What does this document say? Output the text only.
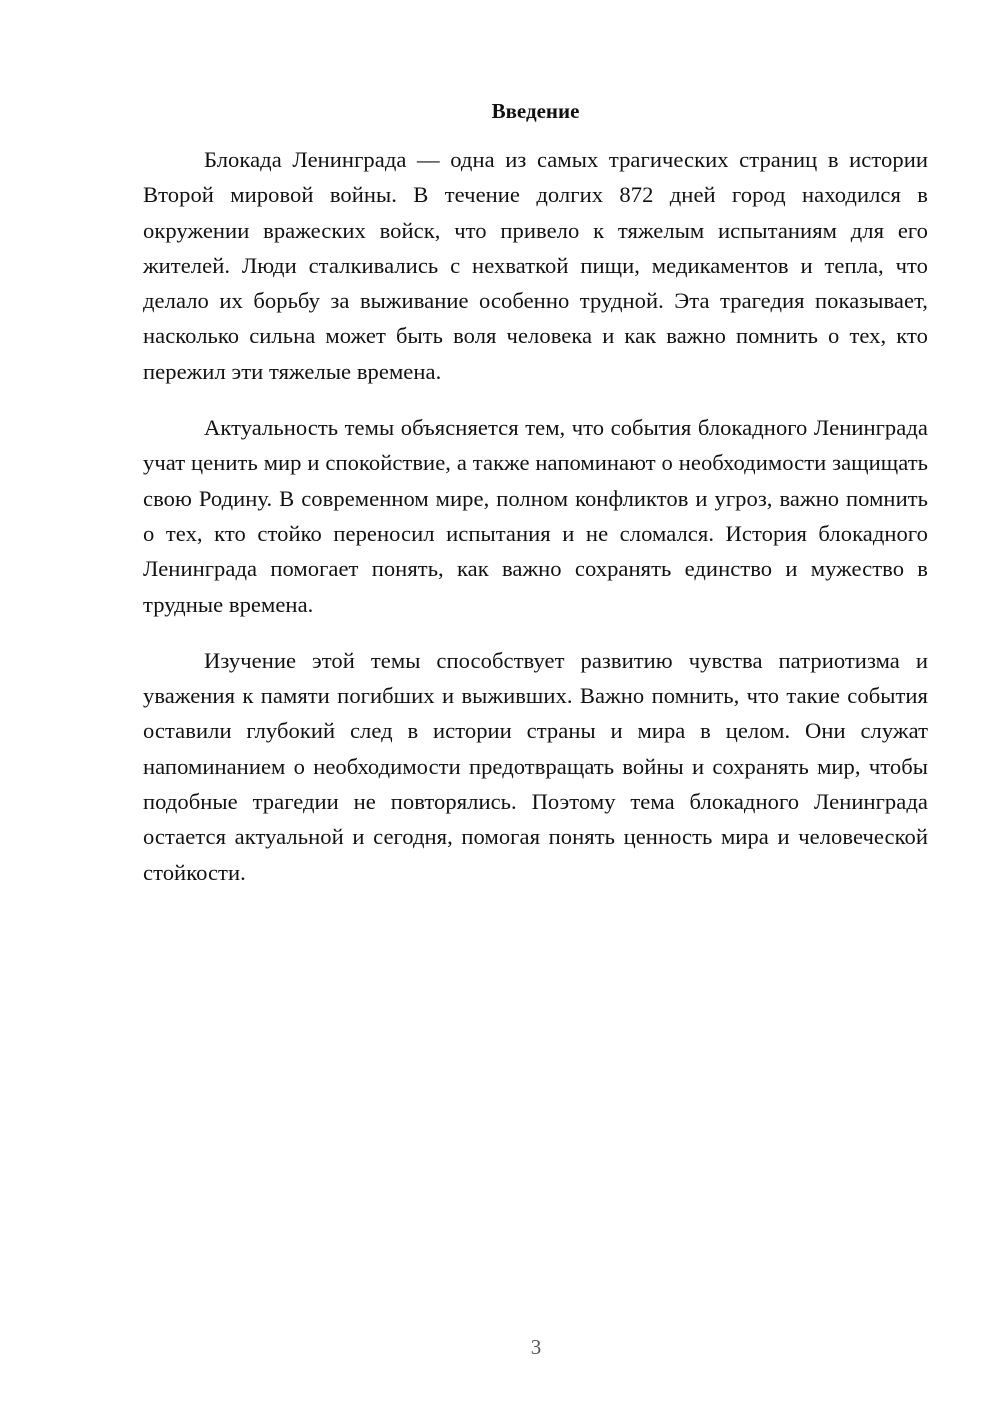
Введение

Блокада Ленинграда — одна из самых трагических страниц в истории Второй мировой войны. В течение долгих 872 дней город находился в окружении вражеских войск, что привело к тяжелым испытаниям для его жителей. Люди сталкивались с нехваткой пищи, медикаментов и тепла, что делало их борьбу за выживание особенно трудной. Эта трагедия показывает, насколько сильна может быть воля человека и как важно помнить о тех, кто пережил эти тяжелые времена.

Актуальность темы объясняется тем, что события блокадного Ленинграда учат ценить мир и спокойствие, а также напоминают о необходимости защищать свою Родину. В современном мире, полном конфликтов и угроз, важно помнить о тех, кто стойко переносил испытания и не сломался. История блокадного Ленинграда помогает понять, как важно сохранять единство и мужество в трудные времена.

Изучение этой темы способствует развитию чувства патриотизма и уважения к памяти погибших и выживших. Важно помнить, что такие события оставили глубокий след в истории страны и мира в целом. Они служат напоминанием о необходимости предотвращать войны и сохранять мир, чтобы подобные трагедии не повторялись. Поэтому тема блокадного Ленинграда остается актуальной и сегодня, помогая понять ценность мира и человеческой стойкости.

3
